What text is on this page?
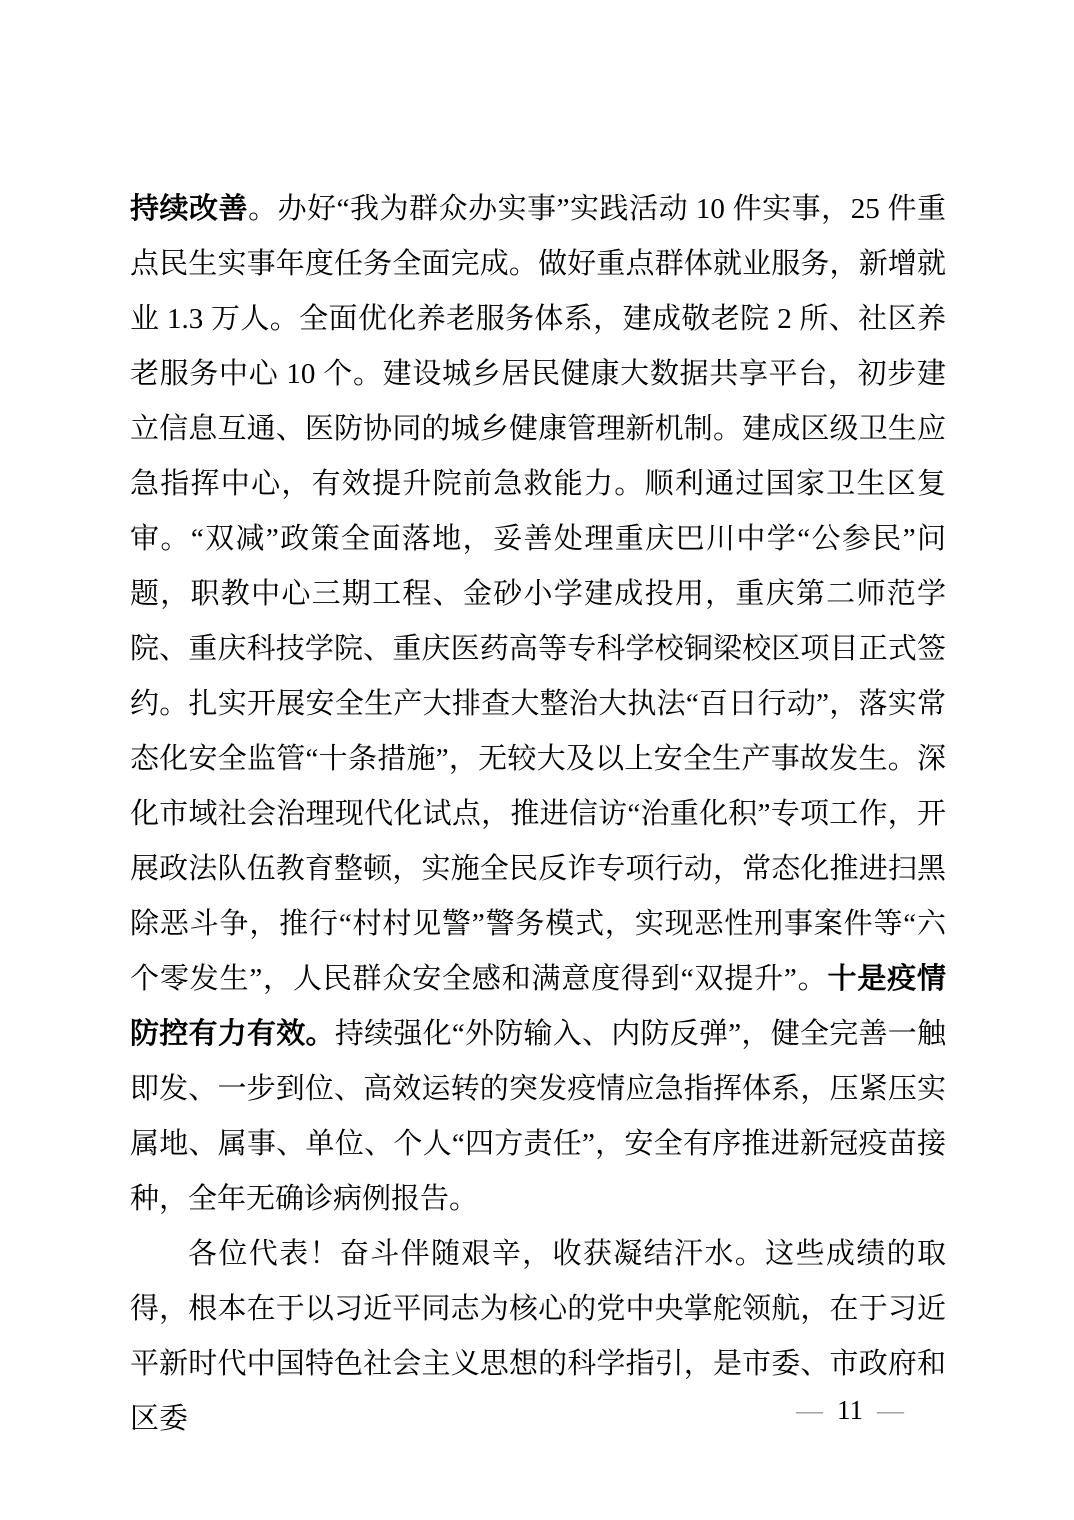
持续改善。办好“我为群众办实事”实践活动 10 件实事，25 件重点民生实事年度任务全面完成。做好重点群体就业服务，新增就业 1.3 万人。全面优化养老服务体系，建成敬老院 2 所、社区养老服务中心 10 个。建设城乡居民健康大数据共享平台，初步建立信息互通、医防协同的城乡健康管理新机制。建成区级卫生应急指挥中心，有效提升院前急救能力。顺利通过国家卫生区复审。“双减”政策全面落地，妥善处理重庆巴川中学“公参民”问题，职教中心三期工程、金砂小学建成投用，重庆第二师范学院、重庆科技学院、重庆医药高等专科学校铜梁校区项目正式签约。扎实开展安全生产大排查大整治大执法“百日行动”，落实常态化安全监管“十条措施”，无较大及以上安全生产事故发生。深化市域社会治理现代化试点，推进信访“治重化积”专项工作，开展政法队伍教育整顿，实施全民反诈专项行动，常态化推进扫黑除恶斗争，推行“村村见警”警务模式，实现恶性刑事案件等“六个零发生”，人民群众安全感和满意度得到“双提升”。十是疫情防控有力有效。持续强化“外防输入、内防反弹”，健全完善一触即发、一步到位、高效运转的突发疫情应急指挥体系，压紧压实属地、属事、单位、个人“四方责任”，安全有序推进新冠疫苗接种，全年无确诊病例报告。

各位代表！奋斗伴随艰辛，收获凝结汗水。这些成绩的取得，根本在于以习近平同志为核心的党中央掌舵领航，在于习近平新时代中国特色社会主义思想的科学指引，是市委、市政府和区委	— 11 —
